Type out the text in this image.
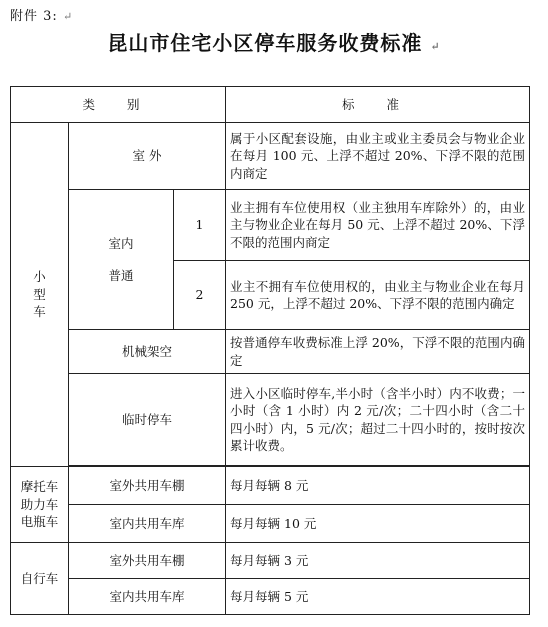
附件 3: ↵
昆山市住宅小区停车服务收费标准 ↵
类 别			标 准

小
型
车	室 外		属于小区配套设施，由业主或业主委员会与物业企业在每月 100 元、上浮不超过 20%、下浮不限的范围内商定

	室内
普通	1	业主拥有车位使用权（业主独用车库除外）的，由业主与物业企业在每月 50 元、上浮不超过 20%、下浮不限的范围内商定
		2	业主不拥有车位使用权的，由业主与物业企业在每月 250 元，上浮不超过 20%、下浮不限的范围内确定
	机械架空		按普通停车收费标准上浮 20%，下浮不限的范围内确定
	临时停车		进入小区临时停车,半小时（含半小时）内不收费；一小时（含 1 小时）内 2 元/次；二十四小时（含二十四小时）内，5 元/次；超过二十四小时的，按时按次累计收费。

摩托车
助力车
电瓶车	室外共用车棚		每月每辆 8 元
	室内共用车库		每月每辆 10 元
自行车	室外共用车棚		每月每辆 3 元
	室内共用车库		每月每辆 5 元
